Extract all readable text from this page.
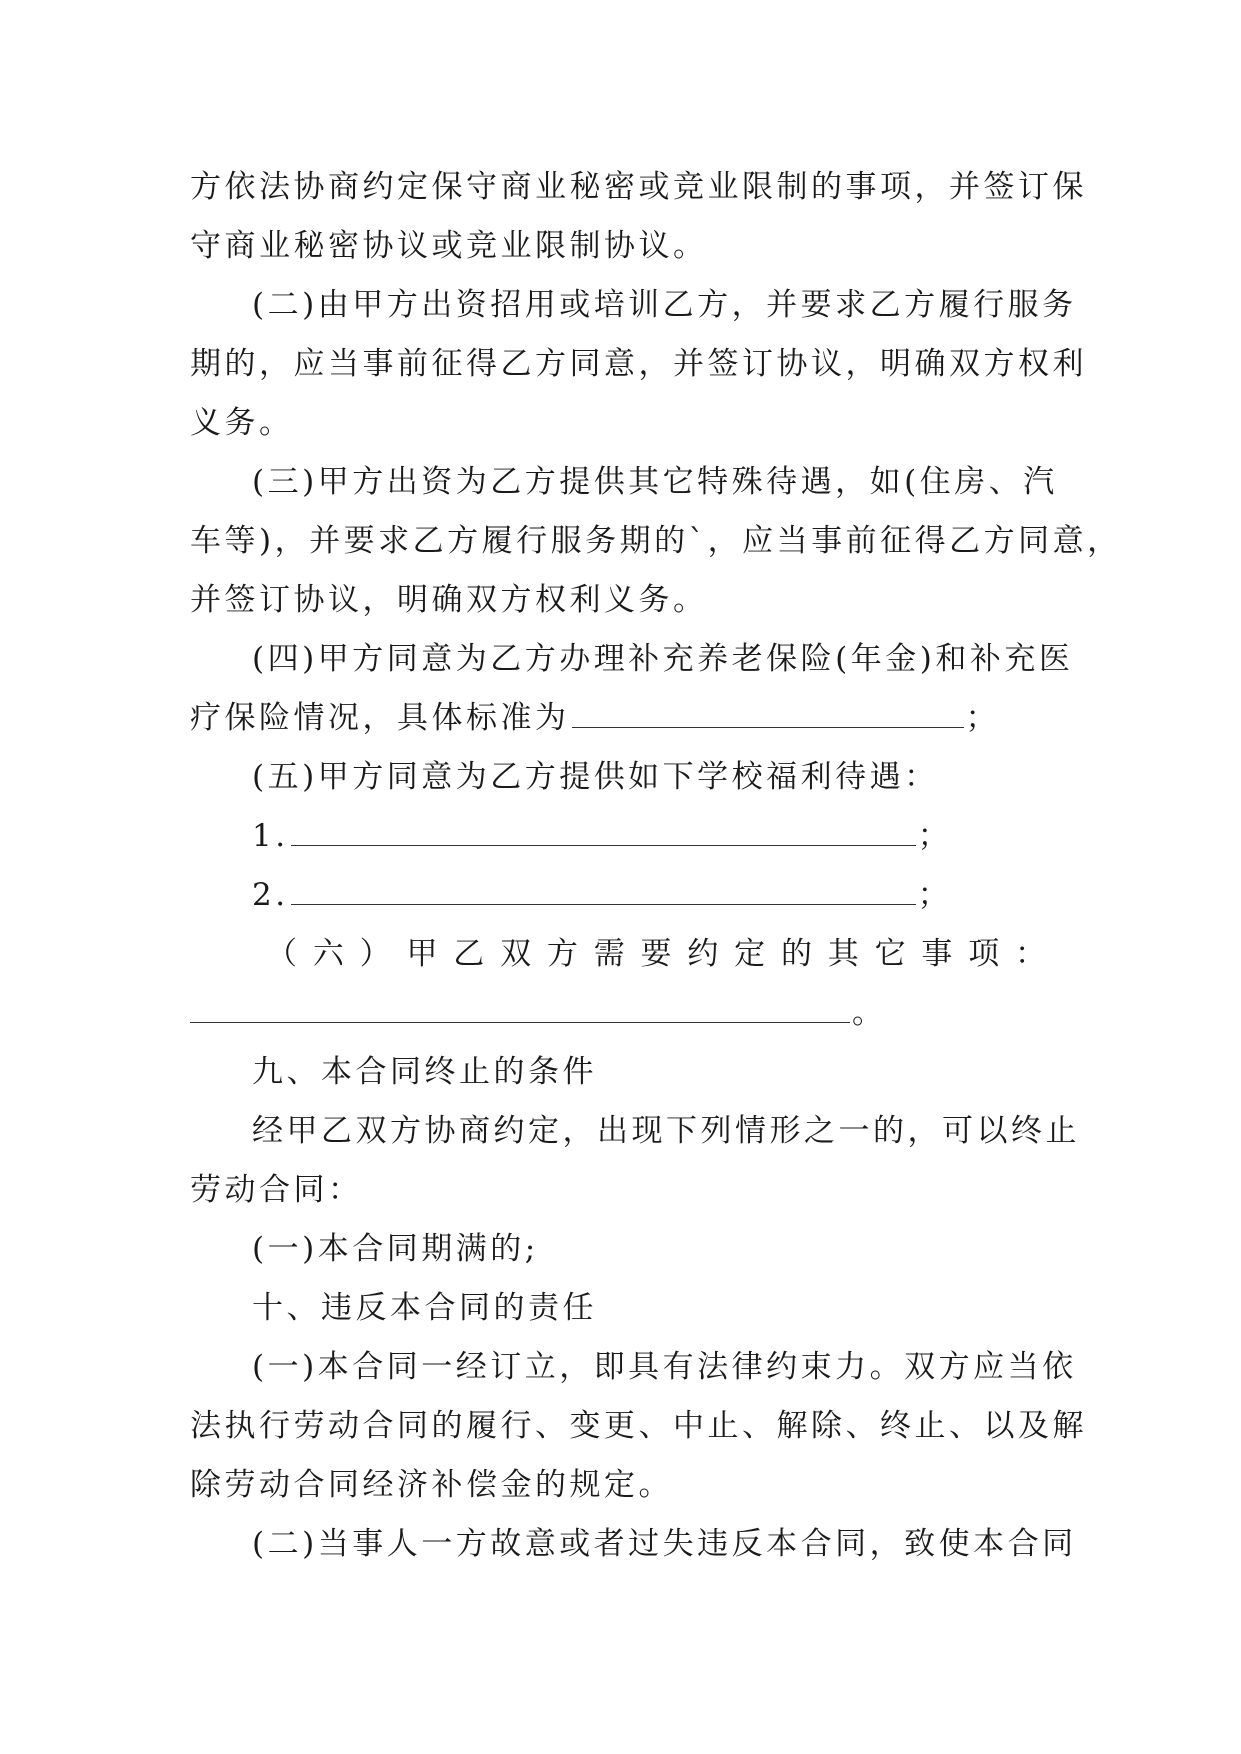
方依法协商约定保守商业秘密或竞业限制的事项，并签订保
守商业秘密协议或竞业限制协议。
(二)由甲方出资招用或培训乙方，并要求乙方履行服务
期的，应当事前征得乙方同意，并签订协议，明确双方权利
义务。
(三)甲方出资为乙方提供其它特殊待遇，如(住房、汽
车等)，并要求乙方履行服务期的`，应当事前征得乙方同意，
并签订协议，明确双方权利义务。
(四)甲方同意为乙方办理补充养老保险(年金)和补充医
疗保险情况，具体标准为	；
(五)甲方同意为乙方提供如下学校福利待遇：
1.	；
2.	；
（ 六 ） 甲 乙 双 方 需 要 约 定 的 其 它 事 项 ：
。
九、本合同终止的条件
经甲乙双方协商约定，出现下列情形之一的，可以终止
劳动合同：
(一)本合同期满的;
十、违反本合同的责任
(一)本合同一经订立，即具有法律约束力。双方应当依
法执行劳动合同的履行、变更、中止、解除、终止、以及解
除劳动合同经济补偿金的规定。
(二)当事人一方故意或者过失违反本合同，致使本合同
